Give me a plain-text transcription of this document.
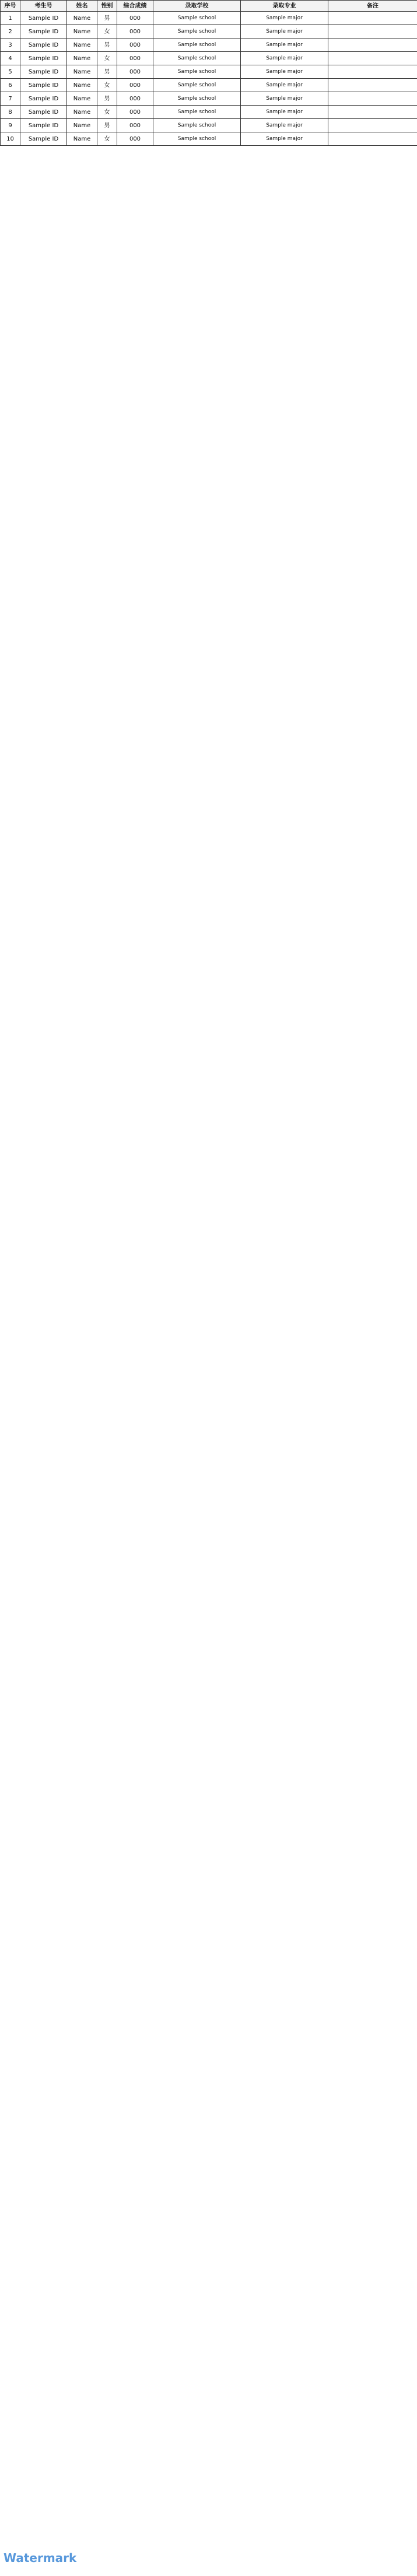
序号	考生号	姓名	性别	综合成绩	录取学校	录取专业	备注
1	Sample ID	Name	男	000	Sample school	Sample major	
2	Sample ID	Name	女	000	Sample school	Sample major	
3	Sample ID	Name	男	000	Sample school	Sample major	
4	Sample ID	Name	女	000	Sample school	Sample major	
5	Sample ID	Name	男	000	Sample school	Sample major	
6	Sample ID	Name	女	000	Sample school	Sample major	
7	Sample ID	Name	男	000	Sample school	Sample major	
8	Sample ID	Name	女	000	Sample school	Sample major	
9	Sample ID	Name	男	000	Sample school	Sample major	
10	Sample ID	Name	女	000	Sample school	Sample major	
Watermark
